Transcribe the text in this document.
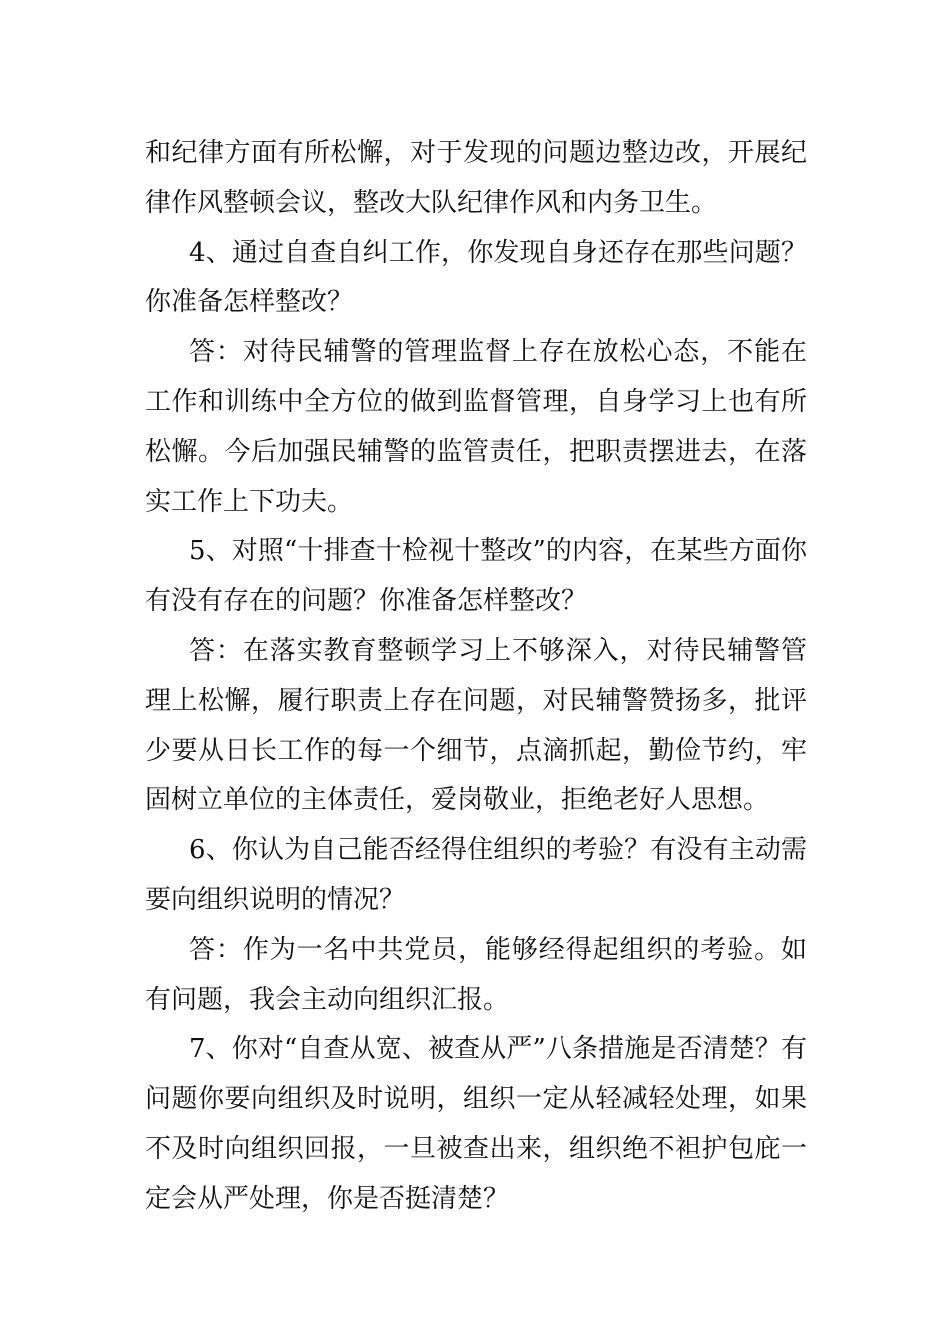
和纪律方面有所松懈，对于发现的问题边整边改，开展纪律作风整顿会议，整改大队纪律作风和内务卫生。

4、通过自查自纠工作，你发现自身还存在那些问题？你准备怎样整改？

答：对待民辅警的管理监督上存在放松心态，不能在工作和训练中全方位的做到监督管理，自身学习上也有所松懈。今后加强民辅警的监管责任，把职责摆进去，在落实工作上下功夫。

5、对照“十排查十检视十整改”的内容，在某些方面你有没有存在的问题？你准备怎样整改？

答：在落实教育整顿学习上不够深入，对待民辅警管理上松懈，履行职责上存在问题，对民辅警赞扬多，批评少要从日长工作的每一个细节，点滴抓起，勤俭节约，牢固树立单位的主体责任，爱岗敬业，拒绝老好人思想。

6、你认为自己能否经得住组织的考验？有没有主动需要向组织说明的情况？

答：作为一名中共党员，能够经得起组织的考验。如有问题，我会主动向组织汇报。

7、你对“自查从宽、被查从严”八条措施是否清楚？有问题你要向组织及时说明，组织一定从轻减轻处理，如果不及时向组织回报，一旦被查出来，组织绝不袒护包庇一定会从严处理，你是否挺清楚？
